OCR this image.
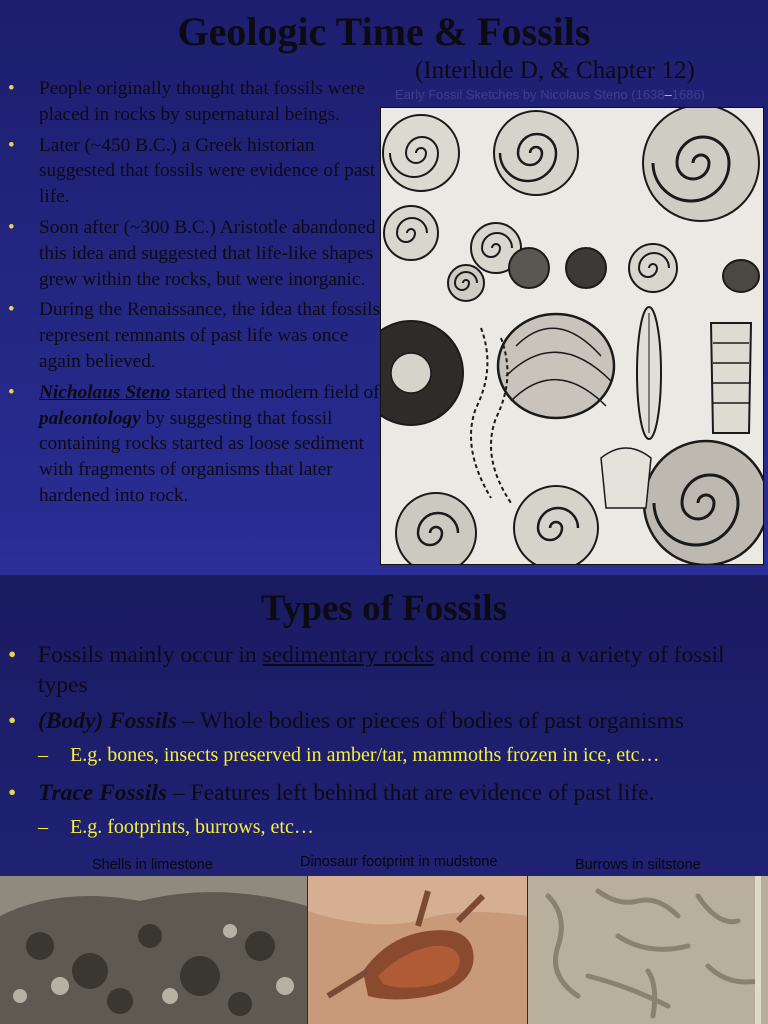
Geologic Time & Fossils
(Interlude D, & Chapter 12)
Early Fossil Sketches by Nicolaus Steno (1638–1686)
• People originally thought that fossils were placed in rocks by supernatural beings.
• Later (~450 B.C.) a Greek historian suggested that fossils were evidence of past life.
• Soon after (~300 B.C.) Aristotle abandoned this idea and suggested that life-like shapes grew within the rocks, but were inorganic.
• During the Renaissance, the idea that fossils represent remnants of past life was once again believed.
• Nicholaus Steno started the modern field of paleontology by suggesting that fossil containing rocks started as loose sediment with fragments of organisms that later hardened into rock.
Types of Fossils
• Fossils mainly occur in sedimentary rocks and come in a variety of fossil types
• (Body) Fossils – Whole bodies or pieces of bodies of past organisms
– E.g. bones, insects preserved in amber/tar, mammoths frozen in ice, etc…
• Trace Fossils – Features left behind that are evidence of past life.
– E.g. footprints, burrows, etc…
Shells in limestone	Dinosaur footprint in mudstone	Burrows in siltstone
